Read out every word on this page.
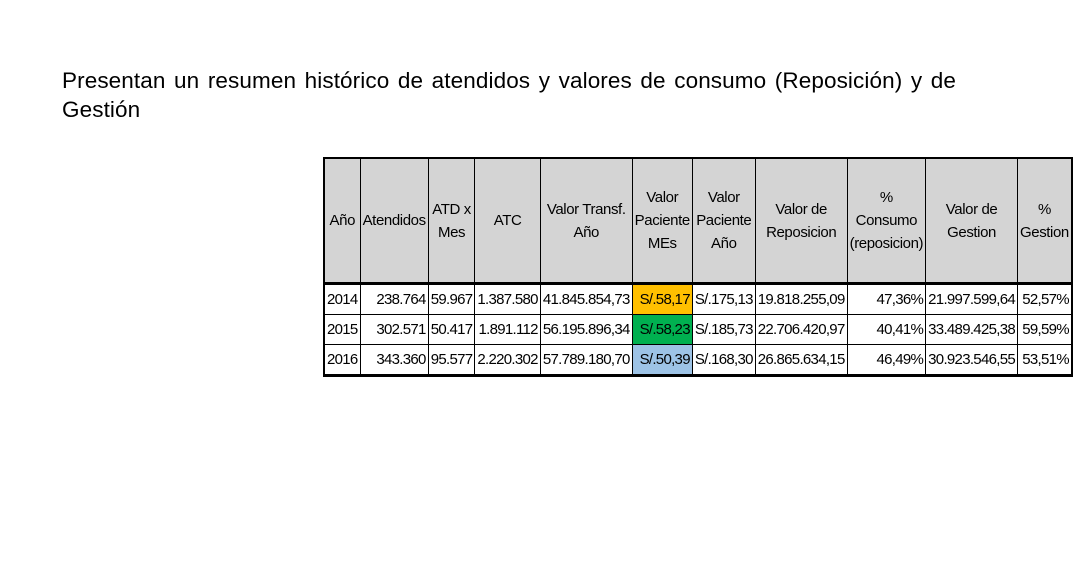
Presentan un resumen histórico de atendidos y valores de consumo (Reposición) y de Gestión

Año	Atendidos	ATD x Mes	ATC	Valor Transf. Año	Valor Paciente MEs	Valor Paciente Año	Valor de Reposicion	% Consumo (reposicion)	Valor de Gestion	% Gestion
2014	238.764	59.967	1.387.580	41.845.854,73	S/.58,17	S/.175,13	19.818.255,09	47,36%	21.997.599,64	52,57%
2015	302.571	50.417	1.891.112	56.195.896,34	S/.58,23	S/.185,73	22.706.420,97	40,41%	33.489.425,38	59,59%
2016	343.360	95.577	2.220.302	57.789.180,70	S/.50,39	S/.168,30	26.865.634,15	46,49%	30.923.546,55	53,51%
